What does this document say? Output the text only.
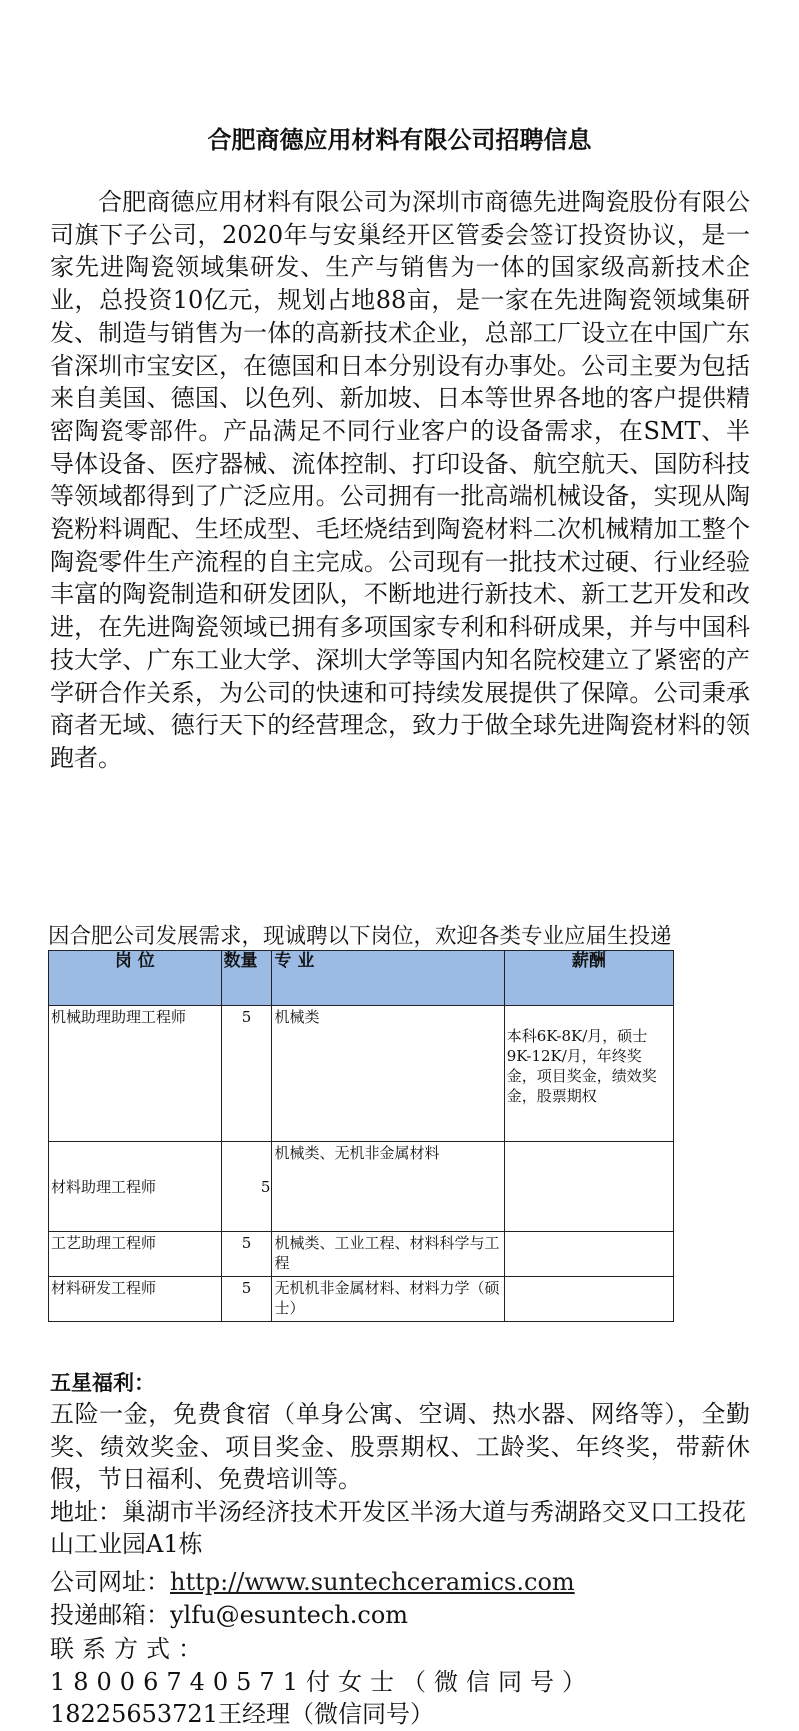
合肥商德应用材料有限公司招聘信息

合肥商德应用材料有限公司为深圳市商德先进陶瓷股份有限公司旗下子公司，2020年与安巢经开区管委会签订投资协议，是一家先进陶瓷领域集研发、生产与销售为一体的国家级高新技术企业，总投资10亿元，规划占地88亩，是一家在先进陶瓷领域集研发、制造与销售为一体的高新技术企业，总部工厂设立在中国广东省深圳市宝安区，在德国和日本分别设有办事处。公司主要为包括来自美国、德国、以色列、新加坡、日本等世界各地的客户提供精密陶瓷零部件。产品满足不同行业客户的设备需求，在SMT、半导体设备、医疗器械、流体控制、打印设备、航空航天、国防科技等领域都得到了广泛应用。公司拥有一批高端机械设备，实现从陶瓷粉料调配、生坯成型、毛坯烧结到陶瓷材料二次机械精加工整个陶瓷零件生产流程的自主完成。公司现有一批技术过硬、行业经验丰富的陶瓷制造和研发团队，不断地进行新技术、新工艺开发和改进，在先进陶瓷领域已拥有多项国家专利和科研成果，并与中国科技大学、广东工业大学、深圳大学等国内知名院校建立了紧密的产学研合作关系，为公司的快速和可持续发展提供了保障。公司秉承商者无域、德行天下的经营理念，致力于做全球先进陶瓷材料的领跑者。

因合肥公司发展需求，现诚聘以下岗位，欢迎各类专业应届生投递
岗 位	数量	专 业	薪酬
机械助理助理工程师	5	机械类	本科6K-8K/月，硕士9K-12K/月，年终奖金，项目奖金，绩效奖金，股票期权
材料助理工程师	5	机械类、无机非金属材料	
工艺助理工程师	5	机械类、工业工程、材料科学与工程	
材料研发工程师	5	无机机非金属材料、材料力学（硕士）	
五星福利：

五险一金，免费食宿（单身公寓、空调、热水器、网络等），全勤奖、绩效奖金、项目奖金、股票期权、工龄奖、年终奖，带薪休假，节日福利、免费培训等。

地址：巢湖市半汤经济技术开发区半汤大道与秀湖路交叉口工投花山工业园A1栋
公司网址：http://www.suntechceramics.com
投递邮箱：ylfu@esuntech.com
联系方式：18006740571付女士（微信同号）
18225653721王经理（微信同号）
